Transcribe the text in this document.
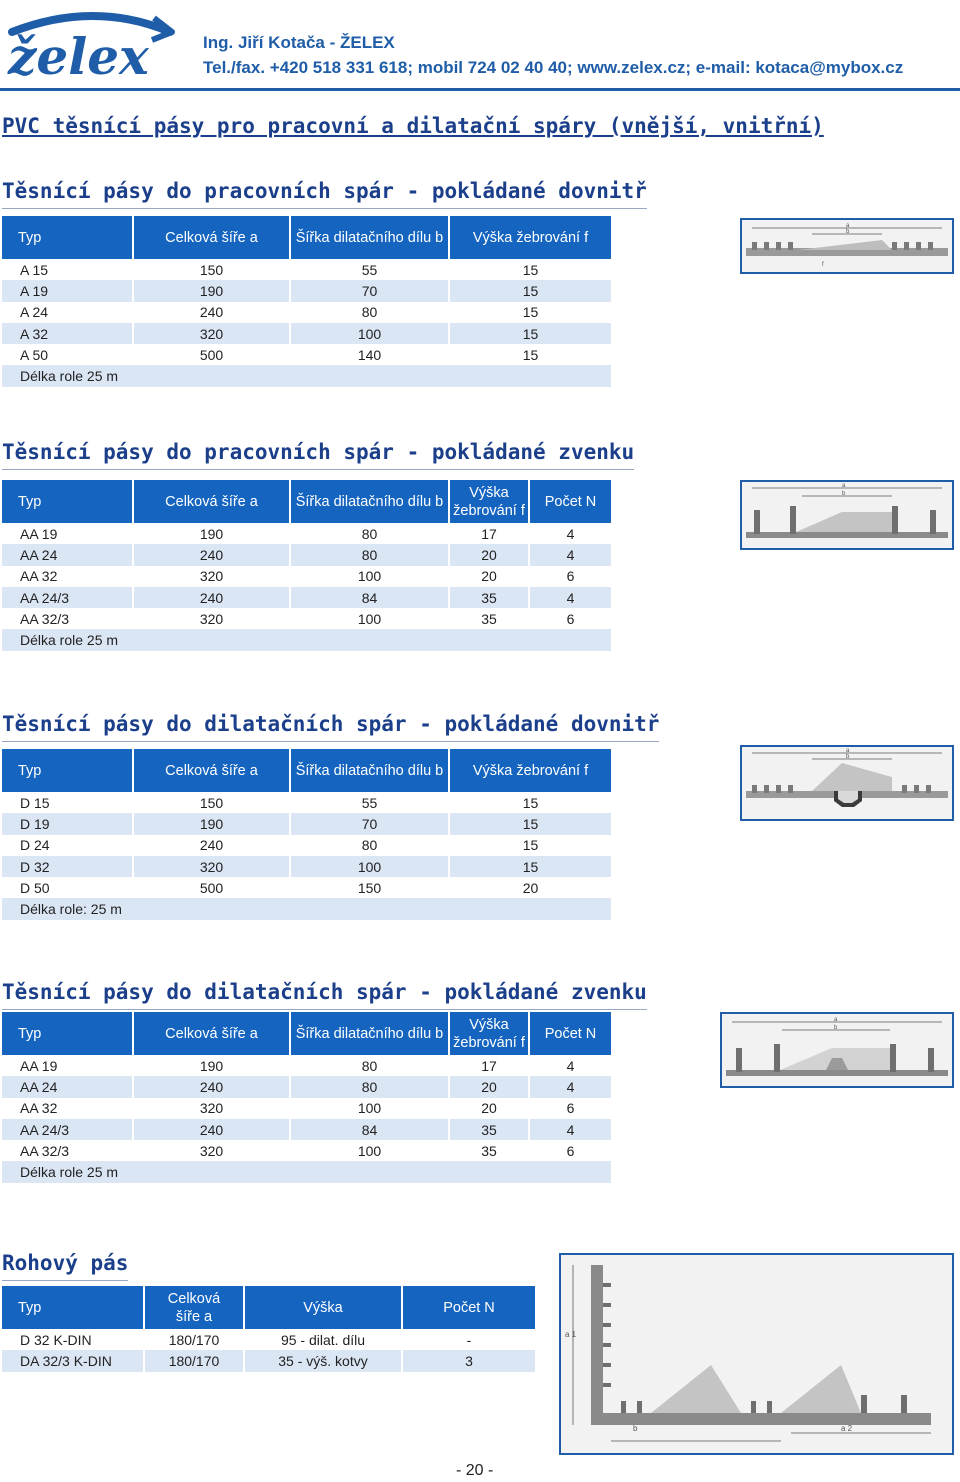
želex	Ing. Jiří Kotača - ŽELEX
Tel./fax. +420 518 331 618; mobil 724 02 40 40; www.zelex.cz; e-mail: kotaca@mybox.cz
PVC těsnící pásy pro pracovní a dilatační spáry (vnější, vnitřní)
Těsnící pásy do pracovních spár - pokládané dovnitř
Typ	Celková šíře a	Šířka dilatačního dílu b	Výška žebrování f
A 15	150	55	15
A 19	190	70	15
A 24	240	80	15
A 32	320	100	15
A 50	500	140	15
Délka role 25 m			
a
b
f
Těsnící pásy do pracovních spár - pokládané zvenku
Typ	Celková šíře a	Šířka dilatačního dílu b	Výška žebrování f	Počet N
AA 19	190	80	17	4
AA 24	240	80	20	4
AA 32	320	100	20	6
AA 24/3	240	84	35	4
AA 32/3	320	100	35	6
Délka role 25 m				
a
b
Těsnící pásy do dilatačních spár - pokládané dovnitř
Typ	Celková šíře a	Šířka dilatačního dílu b	Výška žebrování f
D 15	150	55	15
D 19	190	70	15
D 24	240	80	15
D 32	320	100	15
D 50	500	150	20
Délka role: 25 m			
a
b
Těsnící pásy do dilatačních spár - pokládané zvenku
Typ	Celková šíře a	Šířka dilatačního dílu b	Výška žebrování f	Počet N
AA 19	190	80	17	4
AA 24	240	80	20	4
AA 32	320	100	20	6
AA 24/3	240	84	35	4
AA 32/3	320	100	35	6
Délka role 25 m				
a
b
Rohový pás
Typ	Celková šíře a	Výška	Počet N
D 32 K-DIN	180/170	95 - dilat. dílu	-
DA 32/3 K-DIN	180/170	35 - výš. kotvy	3
a 1
b	a 2
- 20 -
